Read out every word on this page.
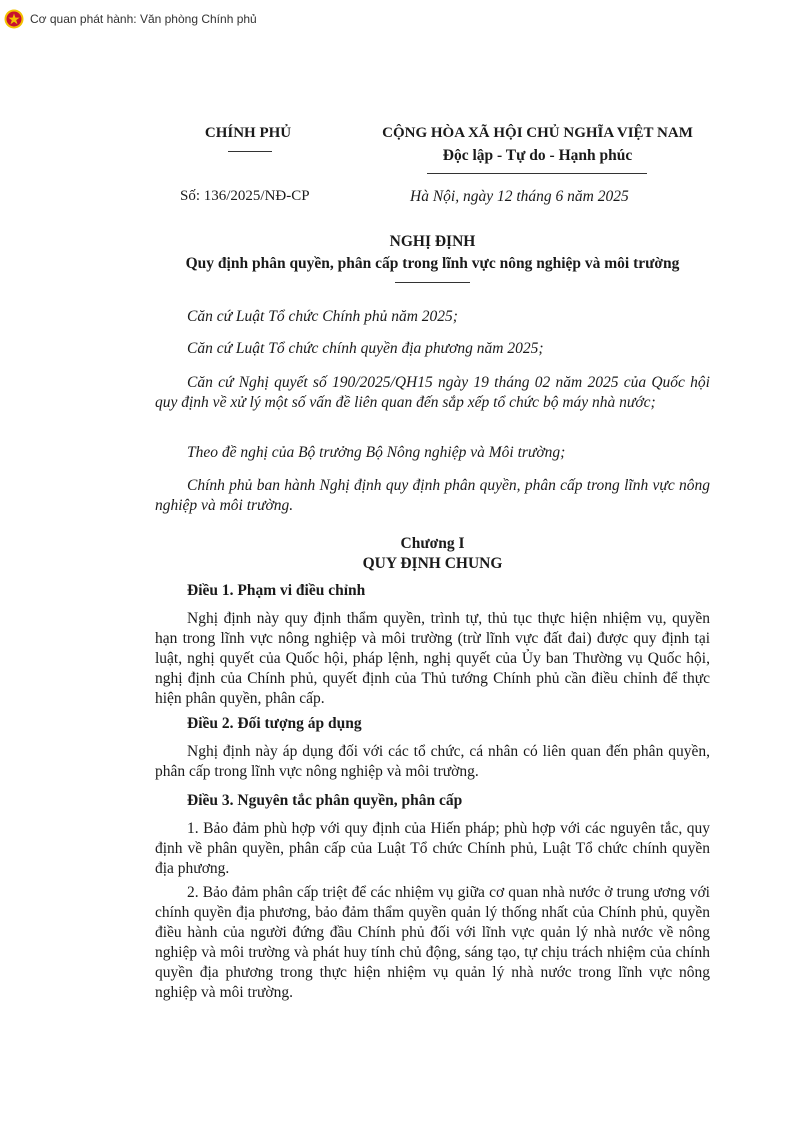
Cơ quan phát hành: Văn phòng Chính phủ
CHÍNH PHỦ	CỘNG HÒA XÃ HỘI CHỦ NGHĨA VIỆT NAM
Độc lập - Tự do - Hạnh phúc
Số: 136/2025/NĐ-CP	Hà Nội, ngày 12 tháng 6 năm 2025
NGHỊ ĐỊNH
Quy định phân quyền, phân cấp trong lĩnh vực nông nghiệp và môi trường
Căn cứ Luật Tổ chức Chính phủ năm 2025;
Căn cứ Luật Tổ chức chính quyền địa phương năm 2025;
Căn cứ Nghị quyết số 190/2025/QH15 ngày 19 tháng 02 năm 2025 của Quốc hội quy định về xử lý một số vấn đề liên quan đến sắp xếp tổ chức bộ máy nhà nước;
Theo đề nghị của Bộ trưởng Bộ Nông nghiệp và Môi trường;
Chính phủ ban hành Nghị định quy định phân quyền, phân cấp trong lĩnh vực nông nghiệp và môi trường.
Chương I
QUY ĐỊNH CHUNG
Điều 1. Phạm vi điều chỉnh
Nghị định này quy định thẩm quyền, trình tự, thủ tục thực hiện nhiệm vụ, quyền hạn trong lĩnh vực nông nghiệp và môi trường (trừ lĩnh vực đất đai) được quy định tại luật, nghị quyết của Quốc hội, pháp lệnh, nghị quyết của Ủy ban Thường vụ Quốc hội, nghị định của Chính phủ, quyết định của Thủ tướng Chính phủ cần điều chỉnh để thực hiện phân quyền, phân cấp.
Điều 2. Đối tượng áp dụng
Nghị định này áp dụng đối với các tổ chức, cá nhân có liên quan đến phân quyền, phân cấp trong lĩnh vực nông nghiệp và môi trường.
Điều 3. Nguyên tắc phân quyền, phân cấp
1. Bảo đảm phù hợp với quy định của Hiến pháp; phù hợp với các nguyên tắc, quy định về phân quyền, phân cấp của Luật Tổ chức Chính phủ, Luật Tổ chức chính quyền địa phương.
2. Bảo đảm phân cấp triệt để các nhiệm vụ giữa cơ quan nhà nước ở trung ương với chính quyền địa phương, bảo đảm thẩm quyền quản lý thống nhất của Chính phủ, quyền điều hành của người đứng đầu Chính phủ đối với lĩnh vực quản lý nhà nước về nông nghiệp và môi trường và phát huy tính chủ động, sáng tạo, tự chịu trách nhiệm của chính quyền địa phương trong thực hiện nhiệm vụ quản lý nhà nước trong lĩnh vực nông nghiệp và môi trường.
